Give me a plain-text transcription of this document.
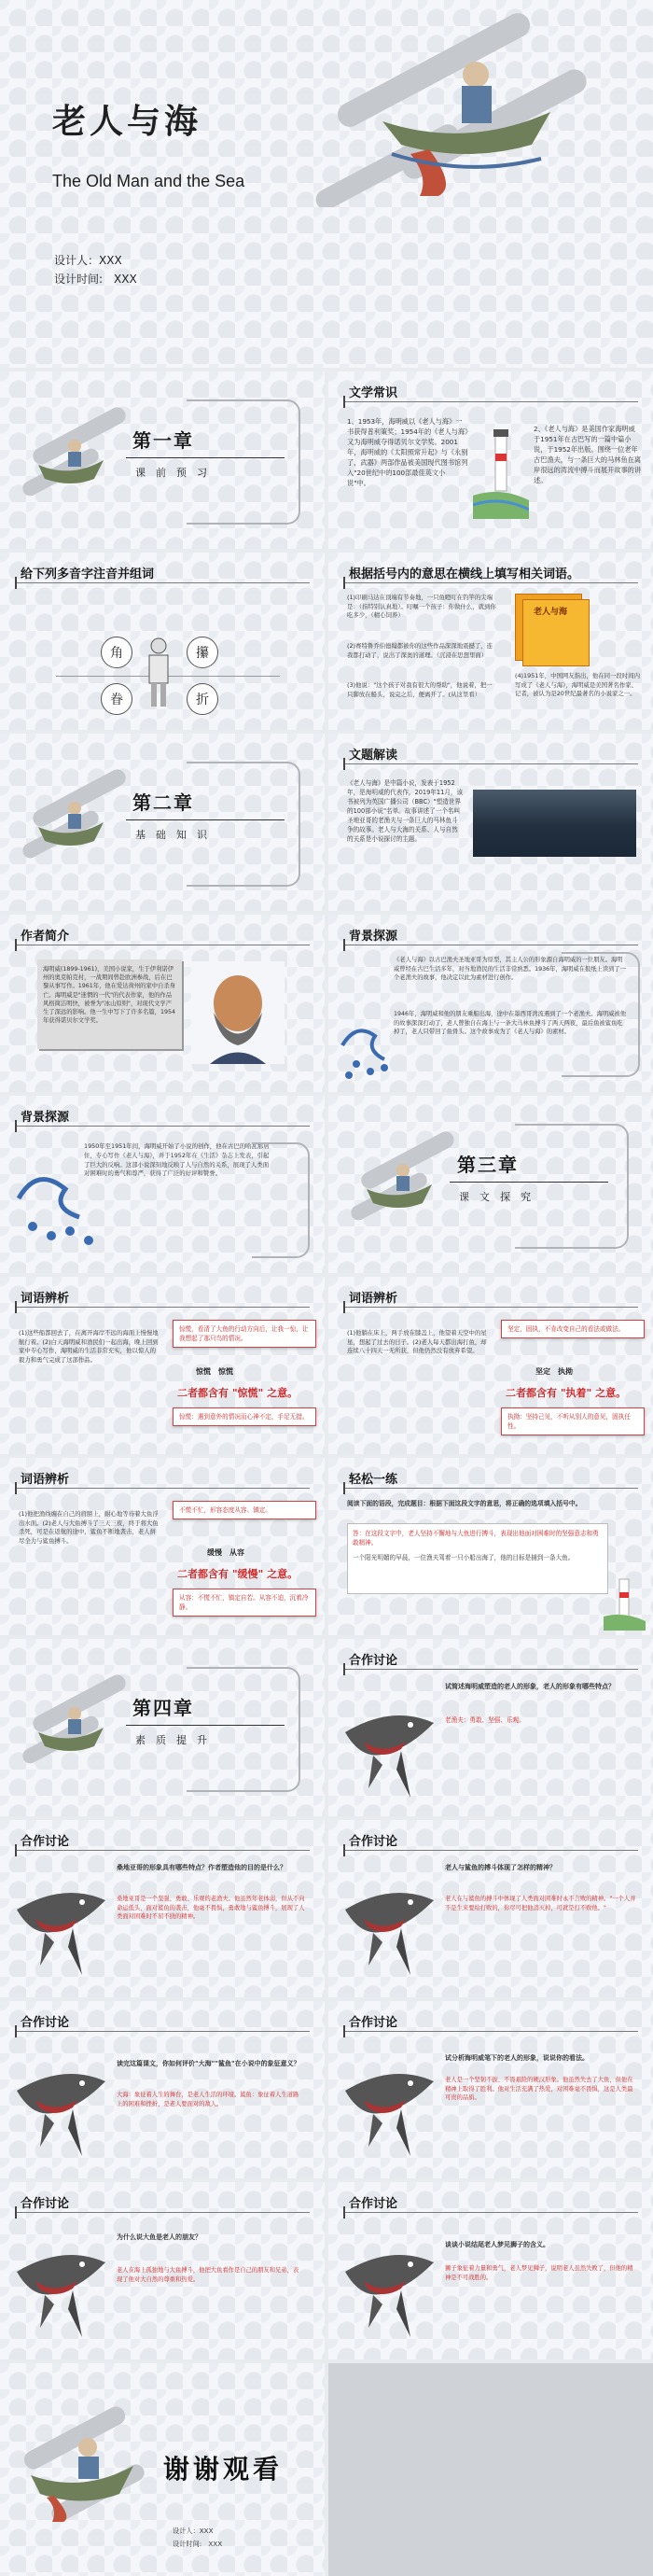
老人与海
The Old Man and the Sea
设计人：XXX
设计时间:　XXX
第一章
课前预习
文学常识
1、1953年，海明威以《老人与海》一书获得普利策奖；1954年的《老人与海》又为海明威夺得诺贝尔文学奖。2001年，海明威的《太阳照常升起》与《永别了，武器》两部作品被美国现代图书馆列入"20世纪中的100部最佳英文小说"中。
2、《老人与海》是美国作家海明威于1951年在古巴写的一篇中篇小说，于1952年出版。围绕一位老年古巴渔夫，与一条巨大的马林鱼在离岸很远的湾流中搏斗而展开故事的讲述。
给下列多音字注音并组词
角	攥
眷	折
根据括号内的意思在横线上填写相关词语。
(1)印刷马达在顶端有节奏地，一只鱼瞪叮在钓竿的尖端是：（指特别认真地）。叮嘱一个孩子：你做什么，就到你吃多少，（精心饲养）
(2)赛特鲁乔伯德翰都被你的这些作品深深地震撼了，连我都打动了，说出了深奥的道理。（沉浸在思想里面）
(3)他说："这个孩子对我有很大的帮助"，他说着，把一只脚放在船头，说完之后，便离开了。(从这里看）
老人与海
(4)1951年，中国网友指出，他在同一段时间内写成了《老人与海》，海明威是美国著名作家、记者，被认为是20世纪最著名的小说家之一。
第二章
基础知识
文题解读
《老人与海》是中篇小说，发表于1952年，是海明威的代表作，2019年11月，该书被列为英国广播公司（BBC）"塑造世界的100部小说"名单。故事讲述了一个名叫圣地亚哥的老渔夫与一条巨大的马林鱼斗争的故事。老人与大海的关系、人与自然的关系是小说探讨的主题。
作者简介
海明威(1899-1961)，美国小说家，生于伊利诺伊州的奥克帕克村，一战期间曾赴欧洲参战，后在巴黎从事写作。1961年，他在爱达荷州的家中自杀身亡。海明威是"迷惘的一代"的代表作家，他的作品风格简洁明快，被誉为"冰山原则"，对现代文学产生了深远的影响。他一生中写下了许多名篇，1954年获得诺贝尔文学奖。
背景探源
《老人与海》以古巴渔夫圣地亚哥为原型，其主人公的形象源自海明威的一位朋友。海明威曾经在古巴生活多年，对当地渔民的生活非常熟悉。1936年，海明威在报纸上读到了一个老渔夫的故事，他决定以此为素材进行创作。
1946年，海明威和他的朋友乘船出海，途中在墨西哥湾流遇到了一个老渔夫。海明威被他的故事深深打动了，老人曾独自在海上与一条大马林鱼搏斗了两天两夜，最后鱼被鲨鱼吃掉了，老人只带回了鱼骨头。这个故事成为了《老人与海》的素材。
背景探源
1950年至1951年间，海明威开始了小说的创作，他在古巴的哈瓦那居住，专心写作《老人与海》，并于1952年在《生活》杂志上发表，引起了巨大的反响。这部小说深刻地反映了人与自然的关系，展现了人类面对困难时的勇气和尊严，获得了广泛的好评和赞誉。	第三章
课文探究
词语辨析
(1)这些船都回去了，在离开海岸不远的海面上慢慢地航行着。(2)白天海明威和渔民们一起出海，晚上回到家中专心写作，海明威的生活非常充实，他以惊人的毅力和勇气完成了这部作品。
惊慌，看清了大鱼的行动方向后，让我一惊，让我想起了那只鸟的情况。
惊慌　惊慌
二者都含有 "惊慌" 之意。
惊慌：遇到意外的情况而心神不定，手足无措。
词语辨析
(1)他躺在床上，两手放在膝盖上，他望着天空中的星星，想起了过去的日子。(2)老人每天都出海打鱼，却连续八十四天一无所获，但他仍然没有放弃希望。
坚定，固执，不肯改变自己的看法或做法。
坚定　执拗
二者都含有 "执着" 之意。
执拗：坚持己见，不听从别人的意见，固执任性。
词语辨析
(1)他把渔线缠在自己的肩膀上，耐心地等待着大鱼浮出水面。(2)老人与大鱼搏斗了三天三夜，终于将大鱼杀死，可是在返航的途中，鲨鱼不断地袭击，老人拼尽全力与鲨鱼搏斗。
不慌不忙，形容态度从容、镇定。
缓慢　从容
二者都含有 "缓慢" 之意。
从容：不慌不忙，镇定自若。从容不迫，沉着冷静。
轻松一练
阅读下面的语段，完成题目：根据下面这段文字的意思，将正确的选项填入括号中。
答：在这段文字中，老人坚持不懈地与大鱼进行搏斗，表现出他面对困难时的坚强意志和勇敢精神。
一个阳光明媚的早晨，一位渔夫驾着一只小船出海了，他的目标是捕到一条大鱼。
第四章
素质提升
合作讨论
试简述海明威塑造的老人的形象，老人的形象有哪些特点？
老渔夫：勇敢、坚强、乐观。
合作讨论
桑地亚哥的形象具有哪些特点？作者塑造他的目的是什么？
桑地亚哥是一个坚强、勇敢、乐观的老渔夫。他虽然年老体弱，但从不向命运低头，面对鲨鱼的袭击，他毫不畏惧，勇敢地与鲨鱼搏斗，展现了人类面对困难时不屈不挠的精神。
合作讨论
老人与鲨鱼的搏斗体现了怎样的精神？
老人在与鲨鱼的搏斗中体现了人类面对困难时永不言败的精神。"一个人并不是生来要给打败的，你尽可把他消灭掉，可就是打不败他。"
合作讨论
读完这篇课文，你如何评价"大海""鲨鱼"在小说中的象征意义？
大海：象征着人生的舞台，是老人生活的环境。鲨鱼：象征着人生道路上的困难和挫折，是老人要面对的敌人。
合作讨论
试分析海明威笔下的老人的形象，说说你的看法。
老人是一个坚韧不拔、不畏艰险的硬汉形象。他虽然失去了大鱼，但他在精神上取得了胜利。他对生活充满了热爱，对困难毫不畏惧，这是人类最可贵的品质。
合作讨论
为什么说大鱼是老人的朋友？
老人在海上孤独地与大鱼搏斗，他把大鱼看作是自己的朋友和兄弟，表现了他对大自然的尊重和热爱。
合作讨论
谈谈小说结尾老人梦见狮子的含义。
狮子象征着力量和勇气，老人梦见狮子，说明老人虽然失败了，但他的精神是不可战胜的。
谢谢观看
设计人：XXX
设计时间:　XXX
